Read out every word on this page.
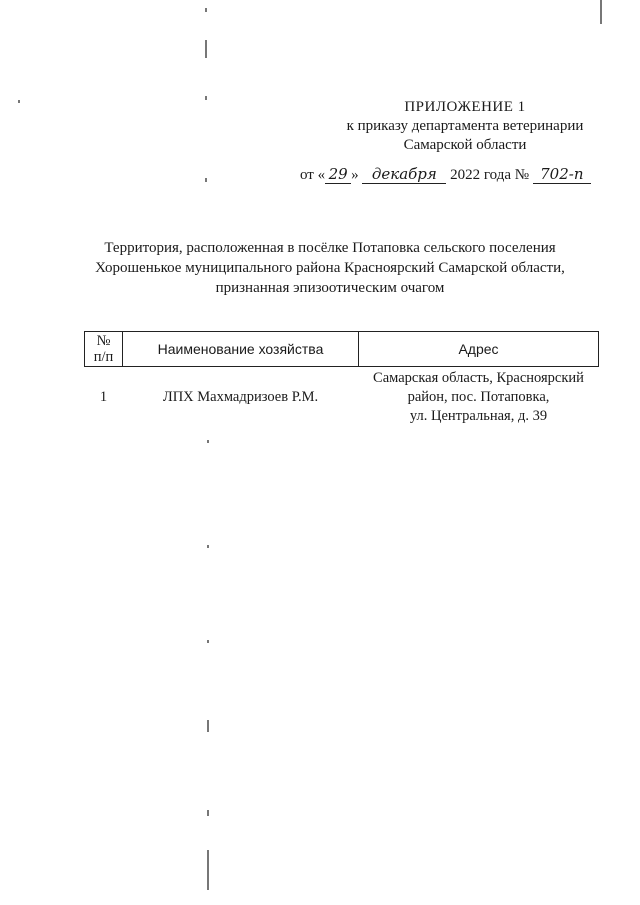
ПРИЛОЖЕНИЕ 1
к приказу департамента ветеринарии
Самарской области
от « 29 » декабря 2022 года № 702-п
Территория, расположенная в посёлке Потаповка сельского поселения
Хорошенькое муниципального района Красноярский Самарской области,
признанная эпизоотическим очагом
№
п/п	Наименование хозяйства	Адрес
1	ЛПХ Махмадризоев Р.М.	Самарская область, Красноярский
район, пос. Потаповка,
ул. Центральная, д. 39
